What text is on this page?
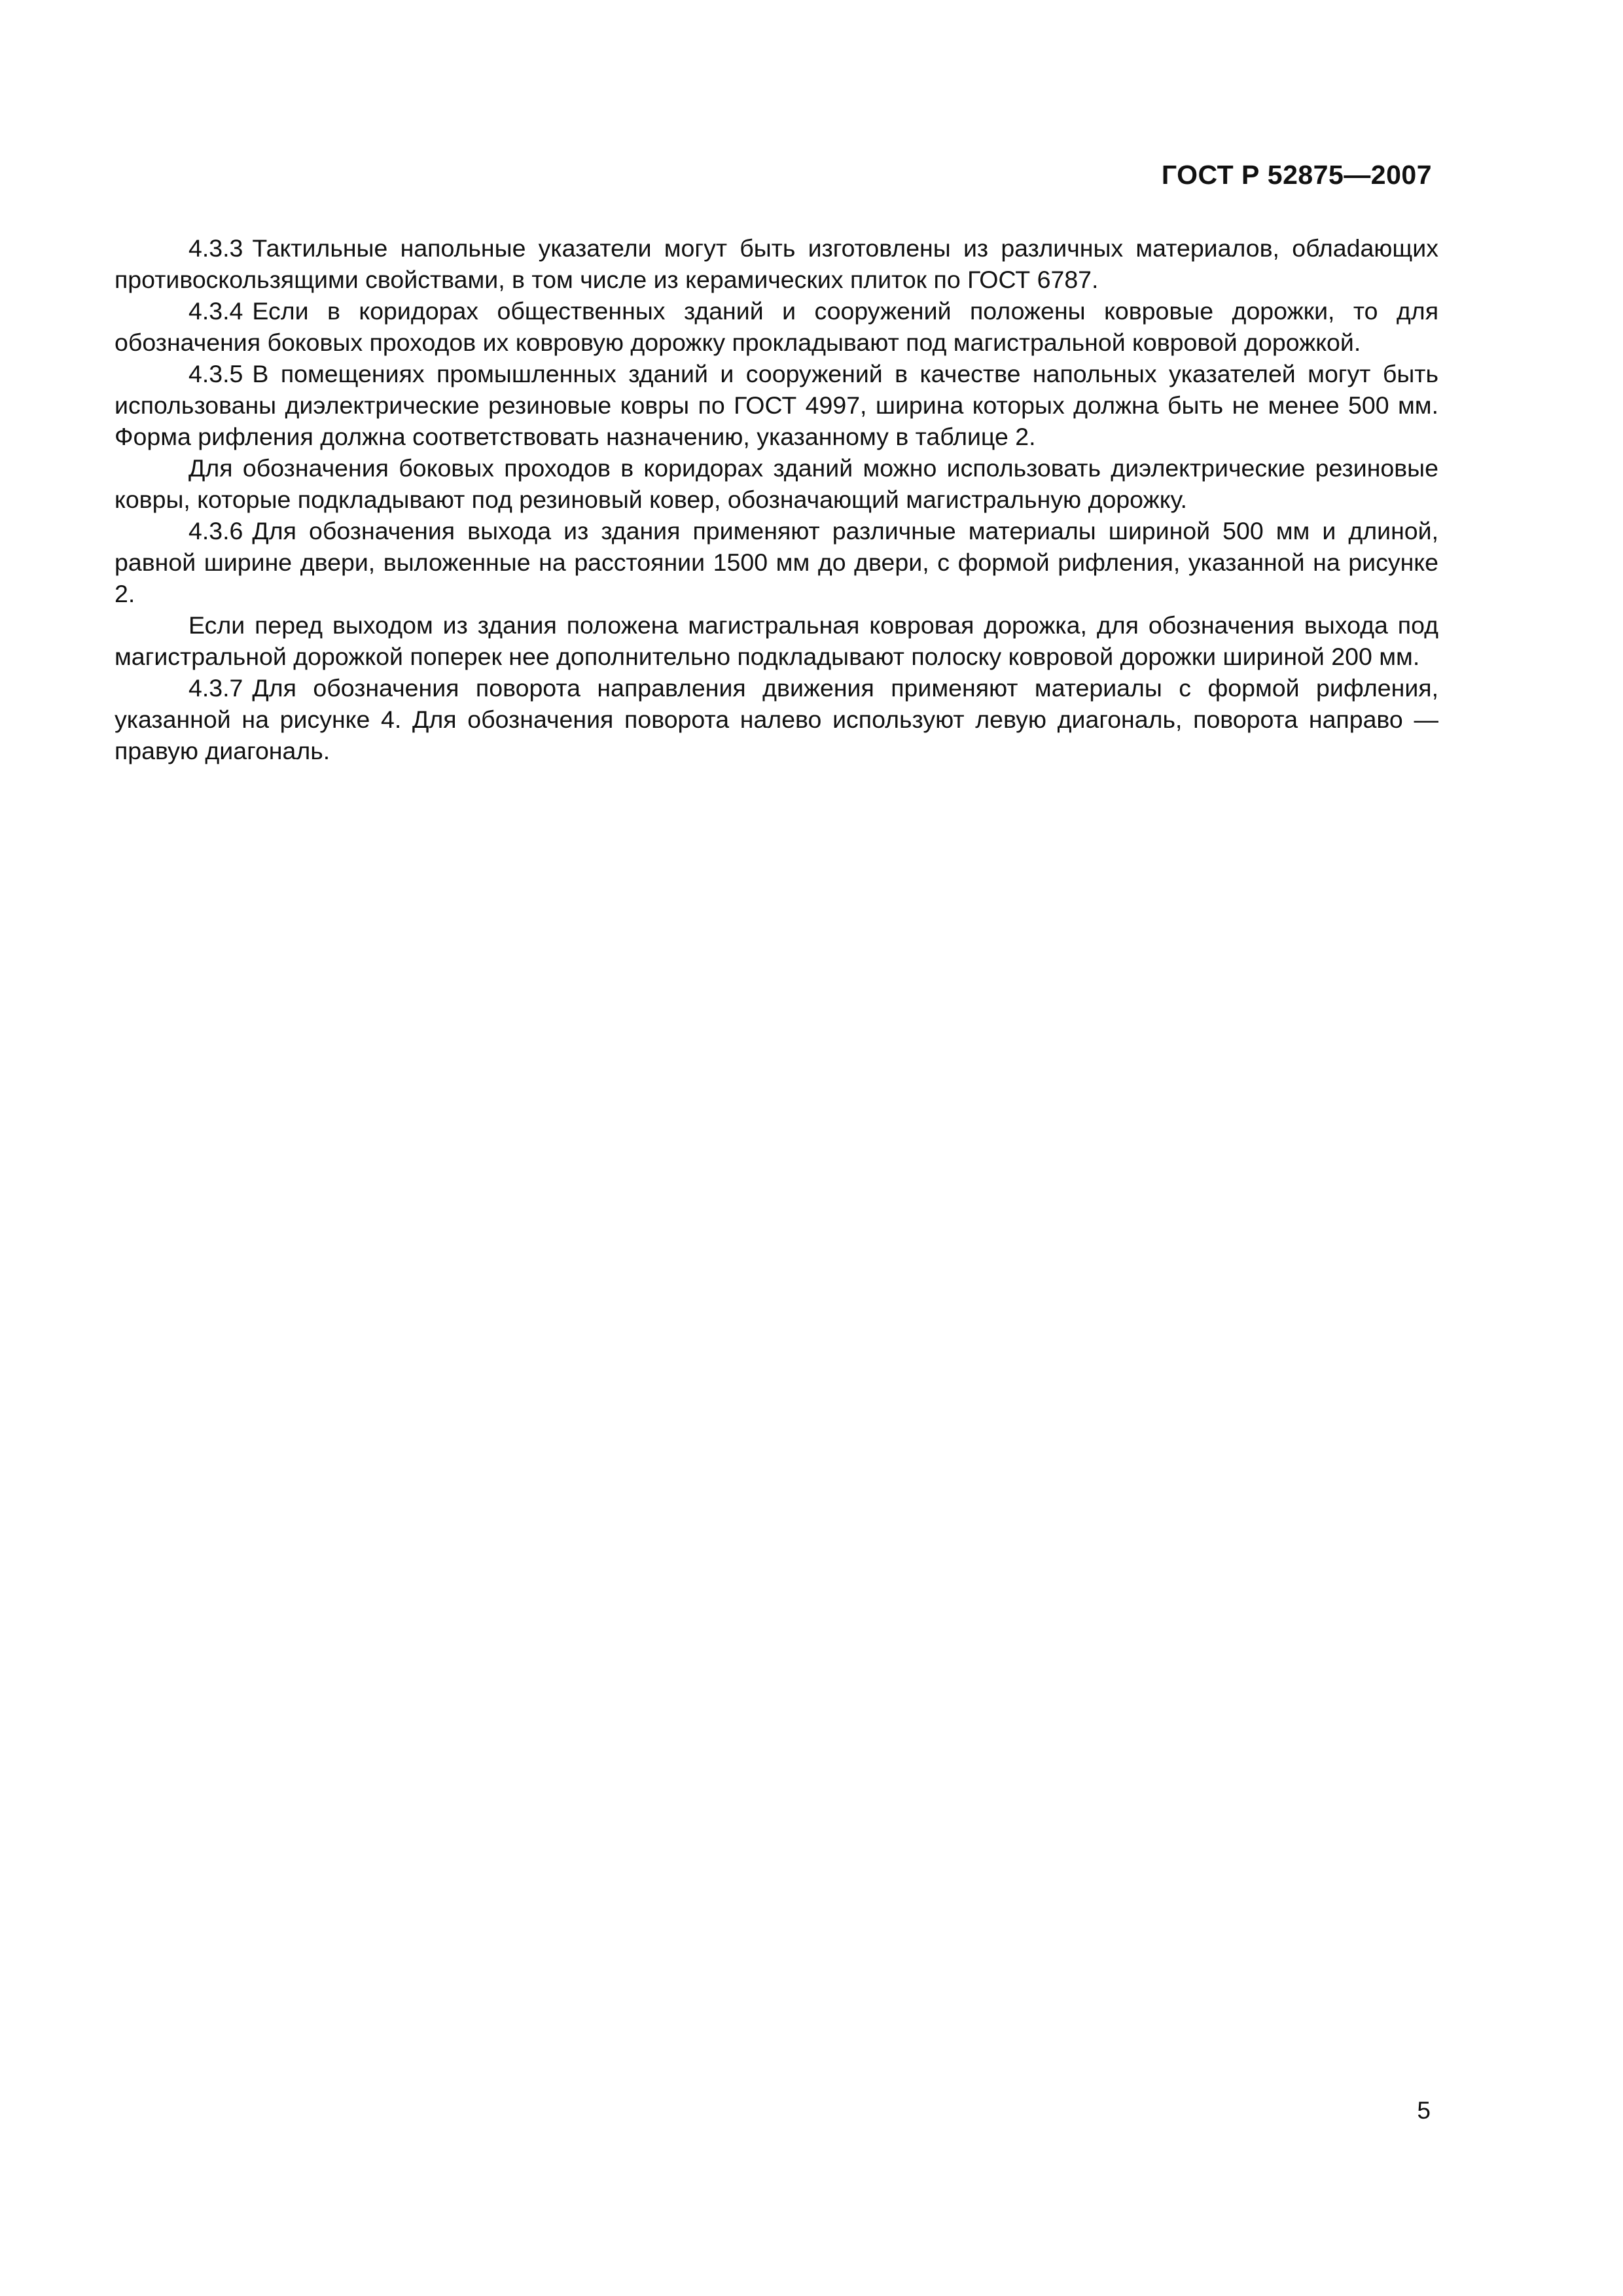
ГОСТ Р 52875—2007

4.3.3 Тактильные напольные указатели могут быть изготовлены из различных материалов, облаdающих противоскользящими свойствами, в том числе из керамических плиток по ГОСТ 6787.

4.3.4 Если в коридорах общественных зданий и сооружений положены ковровые дорожки, то для обозначения боковых проходов их ковровую дорожку прокладывают под магистральной ковровой дорожкой.

4.3.5 В помещениях промышленных зданий и сооружений в качестве напольных указателей могут быть использованы диэлектрические резиновые ковры по ГОСТ 4997, ширина которых должна быть не менее 500 мм. Форма рифления должна соответствовать назначению, указанному в таблице 2.

Для обозначения боковых проходов в коридорах зданий можно использовать диэлектрические резиновые ковры, которые подкладывают под резиновый ковер, обозначающий магистральную дорожку.

4.3.6 Для обозначения выхода из здания применяют различные материалы шириной 500 мм и длиной, равной ширине двери, выложенные на расстоянии 1500 мм до двери, с формой рифления, указанной на рисунке 2.

Если перед выходом из здания положена магистральная ковровая дорожка, для обозначения выхода под магистральной дорожкой поперек нее дополнительно подкладывают полоску ковровой дорожки шириной 200 мм.

4.3.7 Для обозначения поворота направления движения применяют материалы с формой рифления, указанной на рисунке 4. Для обозначения поворота налево используют левую диагональ, поворота направо — правую диагональ.

5
